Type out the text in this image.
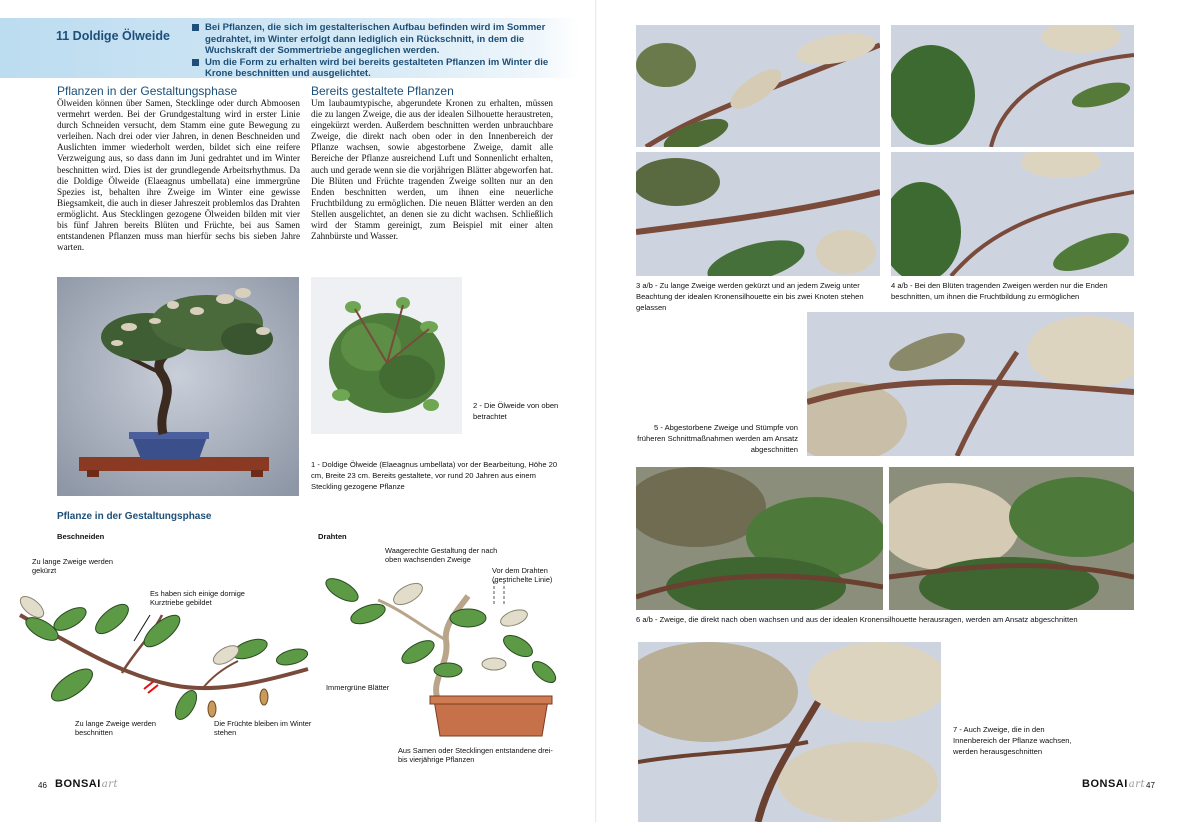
11 Doldige Ölweide

Bei Pflanzen, die sich im gestalterischen Aufbau befinden wird im Sommer gedrahtet, im Winter erfolgt dann lediglich ein Rückschnitt, in dem die Wuchskraft der Sommertriebe angeglichen werden.

Um die Form zu erhalten wird bei bereits gestalteten Pflanzen im Winter die Krone beschnitten und ausgelichtet.

Pflanzen in der Gestaltungsphase
Ölweiden können über Samen, Stecklinge oder durch Abmoosen vermehrt werden. Bei der Grundgestaltung wird in erster Linie durch Schneiden versucht, dem Stamm eine gute Bewegung zu verleihen. Nach drei oder vier Jahren, in denen Beschneiden und Auslichten immer wiederholt werden, bildet sich eine reifere Verzweigung aus, so dass dann im Juni gedrahtet und im Winter beschnitten wird. Dies ist der grundlegende Arbeitsrhythmus. Da die Doldige Ölweide (Elaeagnus umbellata) eine immergrüne Spezies ist, behalten ihre Zweige im Winter eine gewisse Biegsamkeit, die auch in dieser Jahreszeit problemlos das Drahten ermöglicht. Aus Stecklingen gezogene Ölweiden bilden mit vier bis fünf Jahren bereits Blüten und Früchte, bei aus Samen entstandenen Pflanzen muss man hierfür sechs bis sieben Jahre warten.
Bereits gestaltete Pflanzen
Um laubaumtypische, abgerundete Kronen zu erhalten, müssen die zu langen Zweige, die aus der idealen Silhouette heraustreten, eingekürzt werden. Außerdem beschnitten werden unbrauchbare Zweige, die direkt nach oben oder in den Innenbereich der Pflanze wachsen, sowie abgestorbene Zweige, damit alle Bereiche der Pflanze ausreichend Luft und Sonnenlicht erhalten, auch und gerade wenn sie die vorjährigen Blätter abgeworfen hat. Die Blüten und Früchte tragenden Zweige sollten nur an den Enden beschnitten werden, um ihnen eine neuerliche Fruchtbildung zu ermöglichen. Die neuen Blätter werden an den Stellen ausgelichtet, an denen sie zu dicht wachsen. Schließlich wird der Stamm gereinigt, zum Beispiel mit einer alten Zahnbürste und Wasser.
2 - Die Ölweide von oben betrachtet
1 - Doldige Ölweide (Elaeagnus umbellata) vor der Bearbeitung, Höhe 20 cm, Breite 23 cm. Bereits gestaltete, vor rund 20 Jahren aus einem Steckling gezogene Pflanze
Pflanze in der Gestaltungsphase
Beschneiden	Drahten
Zu lange Zweige werden gekürzt
Es haben sich einige dornige Kurztriebe gebildet
Zu lange Zweige werden beschnitten
Die Früchte bleiben im Winter stehen
Waagerechte Gestaltung der nach oben wachsenden Zweige
Vor dem Drahten (gestrichelte Linie)
Immergrüne Blätter
Aus Samen oder Stecklingen entstandene drei- bis vierjährige Pflanzen
46 BONSAIart
3 a/b - Zu lange Zweige werden gekürzt und an jedem Zweig unter Beachtung der idealen Kronensilhouette ein bis zwei Knoten stehen gelassen
4 a/b - Bei den Blüten tragenden Zweigen werden nur die Enden beschnitten, um ihnen die Fruchtbildung zu ermöglichen
5 - Abgestorbene Zweige und Stümpfe von früheren Schnittmaßnahmen werden am Ansatz abgeschnitten
6 a/b - Zweige, die direkt nach oben wachsen und aus der idealen Kronensilhouette herausragen, werden am Ansatz abgeschnitten
7 - Auch Zweige, die in den Innenbereich der Pflanze wachsen, werden herausgeschnitten
BONSAIart 47
